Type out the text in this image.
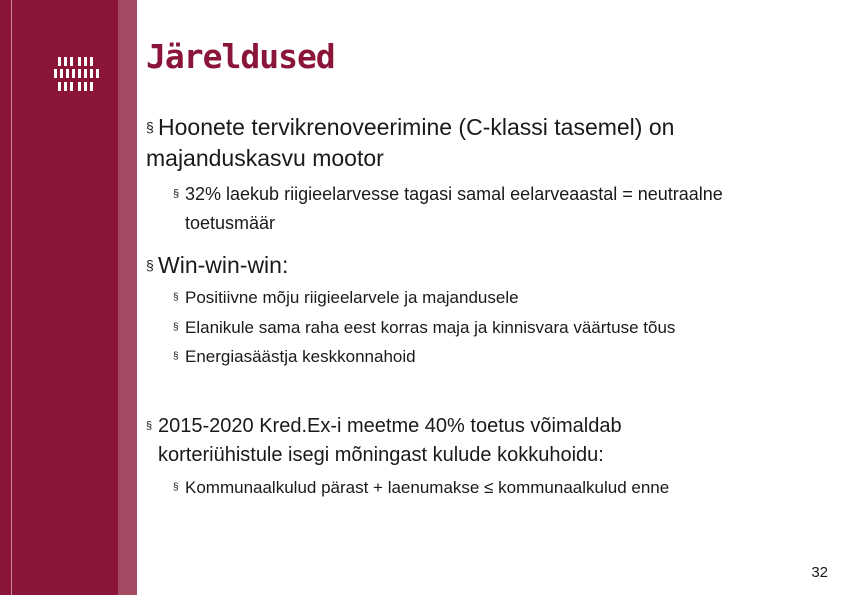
Järeldused
§ Hoonete tervikrenoveerimine (C-klassi tasemel) on majanduskasvu mootor
§ 32% laekub riigieelarvesse tagasi samal eelarveaastal = neutraalne toetusmäär
§ Win-win-win:
§ Positiivne mõju riigieelarvele ja majandusele
§ Elanikule sama raha eest korras maja ja kinnisvara väärtuse tõus
§ Energiasäästja keskkonnahoid
§ 2015-2020 Kred.Ex-i meetme 40% toetus võimaldab korteriühistule isegi mõningast kulude kokkuhoidu:
§ Kommunaalkulud pärast + laenumakse ≤ kommunaalkulud enne
32
